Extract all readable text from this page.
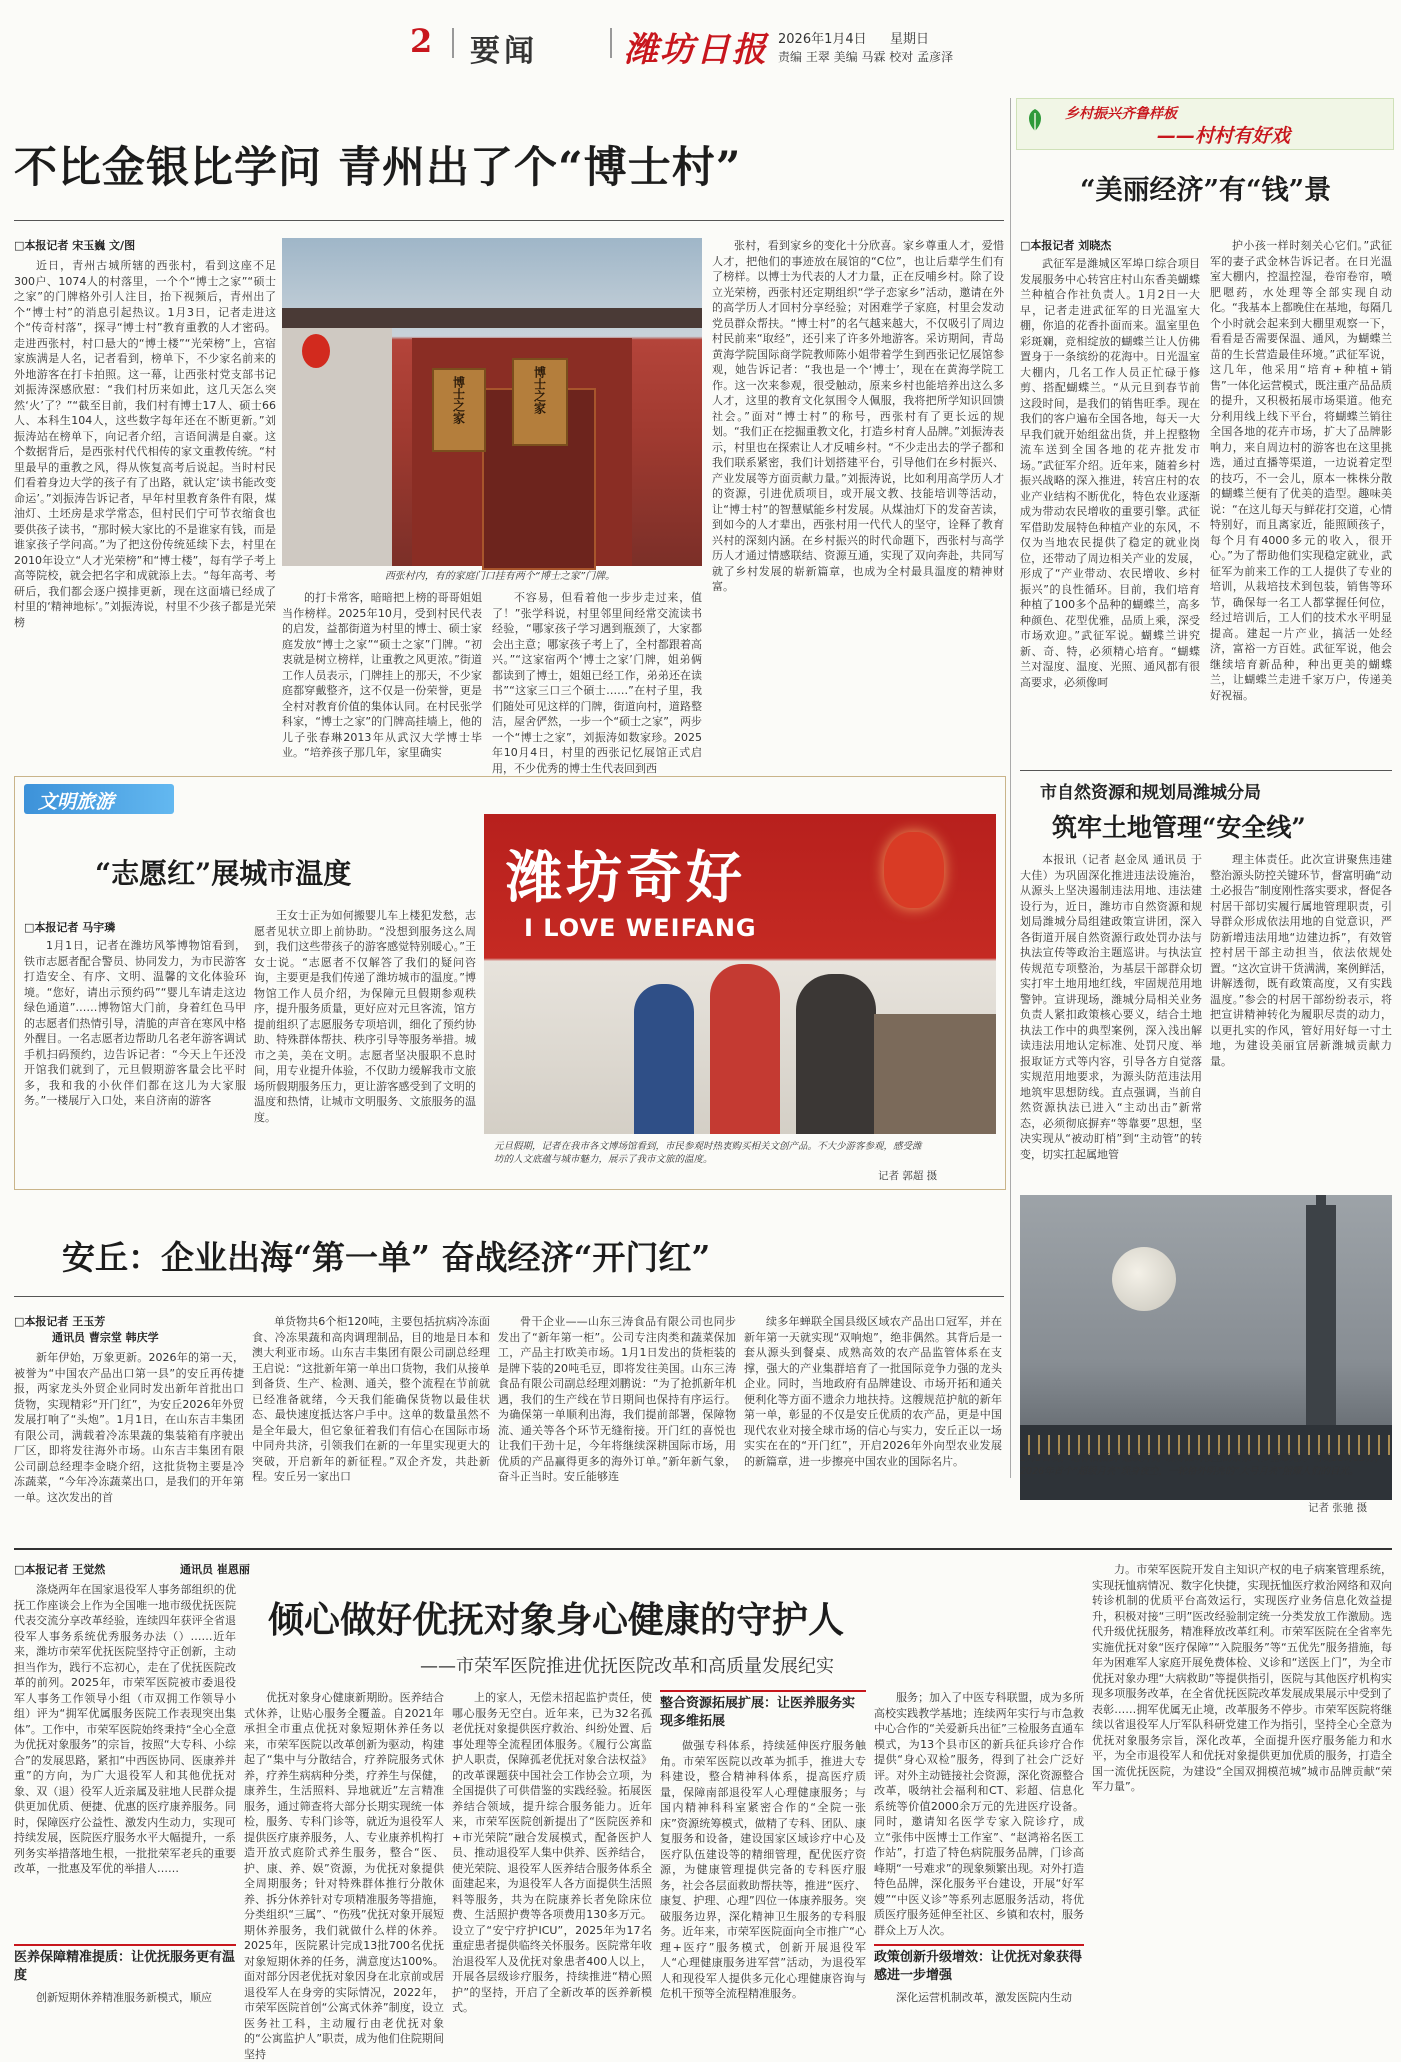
2 要闻	潍坊日报 2026年1月4日 星期日
责编 王翠 美编 马霖 校对 孟彦泽
不比金银比学问 青州出了个“博士村”
乡村振兴齐鲁样板
——村村有好戏
□本报记者 宋玉巍 文/图

近日，青州古城所辖的西张村，看到这座不足300户、1074人的村落里，一个个“博士之家”“硕士之家”的门牌格外引人注目，抬下视频后，青州出了个“博士村”的消息引起热议。1月3日，记者走进这个“传奇村落”，探寻“博士村”教育重教的人才密码。走进西张村，村口悬大的“博士楼”“光荣榜”上，宫宿家族满是人名，记者看到，榜单下，不少家名前来的外地游客在打卡拍照。这一幕，让西张村党支部书记刘振涛深感欣慰：“我们村历来如此，这几天怎么突然‘火’了？”“截至目前，我们村有博士17人、硕士66人、本科生104人，这些数字每年还在不断更新。”刘振涛站在榜单下，向记者介绍，言语间满是自豪。这个数据背后，是西张村代代相传的家文重教传统。“村里最早的重教之风，得从恢复高考后说起。当时村民们看着身边大学的孩子有了出路，就认定‘读书能改变命运’。”刘振涛告诉记者，早年村里教育条件有限，煤油灯、土坯房是求学常态，但村民们宁可节衣缩食也要供孩子读书，“那时候大家比的不是谁家有钱，而是谁家孩子学问高。”为了把这份传统延续下去，村里在2010年设立“人才光荣榜”和“博士楼”，每有学子考上高等院校，就会把名字和成就添上去。“每年高考、考研后，我们都会逐户摸排更新，现在这面墙已经成了村里的‘精神地标’。”刘振涛说，村里不少孩子都是光荣榜

博士之家	博士之家
西张村内，有的家庭门口挂有两个“博士之家”门牌。

的打卡常客，暗暗把上榜的哥哥姐姐当作榜样。2025年10月，受到村民代表的启发，益都街道为村里的博士、硕士家庭发放“博士之家”“硕士之家”门牌。“初衷就是树立榜样，让重教之风更浓。”街道工作人员表示，门牌挂上的那天，不少家庭都穿戴整齐，这不仅是一份荣誉，更是全村对教育价值的集体认同。在村民张学科家，“博士之家”的门牌高挂墙上，他的儿子张春琳2013年从武汉大学博士毕业。“培养孩子那几年，家里确实

不容易，但看着他一步步走过来，值了！”张学科说，村里邻里间经常交流读书经验，“哪家孩子学习遇到瓶颈了，大家都会出主意；哪家孩子考上了，全村都跟着高兴。”“这家宿两个‘博士之家’门牌，姐弟俩都读到了博士，姐姐已经工作，弟弟还在读书”“这家三口三个碩士……”在村子里，我们随处可见这样的门牌，街道向村，道路整洁，屋舍俨然，一步一个“硕士之家”，两步一个“博士之家”，刘振涛如数家珍。2025年10月4日，村里的西张记忆展馆正式启用，不少优秀的博士生代表回到西

张村，看到家乡的变化十分欣喜。家乡尊重人才，爱惜人才，把他们的事迹放在展馆的“C位”，也让后辈学生们有了榜样。以博士为代表的人才力量，正在反哺乡村。除了设立光荣榜，西张村还定期组织“学子恋家乡”活动，邀请在外的高学历人才回村分享经验；对困难学子家庭，村里会发动党员群众帮扶。“博士村”的名气越来越大，不仅吸引了周边村民前来“取经”，还引来了许多外地游客。采访期间，青岛黄海学院国际商学院教师陈小姐带着学生到西张记忆展馆参观，她告诉记者：“我也是一个‘博士’，现在在黄海学院工作。这一次来参观，很受触动，原来乡村也能培养出这么多人才，这里的教育文化氛围令人佩服，我将把所学知识回馈社会。”面对“博士村”的称号，西张村有了更长远的规划。“我们正在挖掘重教文化，打造乡村育人品牌。”刘振涛表示，村里也在探索让人才反哺乡村。“不少走出去的学子都和我们联系紧密，我们计划搭建平台，引导他们在乡村振兴、产业发展等方面贡献力量。”刘振涛说，比如利用高学历人才的资源，引进优质项目，或开展文教、技能培训等活动，让“博士村”的智慧赋能乡村发展。从煤油灯下的发奋苦读，到如今的人才辈出，西张村用一代代人的坚守，诠释了教育兴村的深刻内涵。在乡村振兴的时代命题下，西张村与高学历人才通过情感联结、资源互通，实现了双向奔赴，共同写就了乡村发展的崭新篇章，也成为全村最具温度的精神财富。

“美丽经济”有“钱”景
□本报记者 刘晓杰

武征军是潍城区军埠口综合项目发展服务中心转宫庄村山东香美蝴蝶兰种植合作社负责人。1月2日一大早，记者走进武征军的日光温室大棚，你追的花香扑面而来。温室里色彩斑斓，竞相绽放的蝴蝶兰让人仿佛置身于一条缤纷的花海中。日光温室大棚内，几名工作人员正忙碌于修剪、搭配蝴蝶兰。“从元旦到春节前这段时间，是我们的销售旺季。现在我们的客户遍布全国各地，每天一大早我们就开始组盆出货，并上捏整物流车送到全国各地的花卉批发市场。”武征军介绍。近年来，随着乡村振兴战略的深入推进，转宫庄村的农业产业结构不断优化，特色农业逐渐成为带动农民增收的重要引擎。武征军借助发展特色种植产业的东风，不仅为当地农民提供了稳定的就业岗位，还带动了周边相关产业的发展，形成了“产业带动、农民增收、乡村振兴”的良性循环。目前，我们培育种植了100多个品种的蝴蝶兰，高多种颜色、花型优雅，品质上乘，深受市场欢迎。”武征军说。蝴蝶兰讲究新、奇、特，必须精心培育。“蝴蝶兰对湿度、温度、光照、通风都有很高要求，必须像呵

护小孩一样时刻关心它们。”武征军的妻子武金林告诉记者。在日光温室大棚内，控温控湿，卷帘卷帘，喷肥嗯药，水处理等全部实现自动化。“我基本上都晚住在基地，每隔几个小时就会起来到大棚里观察一下，看看是否需要保温、通风，为蝴蝶兰苗的生长营造最佳环境。”武征军说，这几年，他采用“培育+种植+销售”一体化运营模式，既注重产品品质的提升，又积极拓展市场渠道。他充分利用线上线下平台，将蝴蝶兰销往全国各地的花卉市场，扩大了品牌影响力，来自周边村的游客也在这里挑选，通过直播等渠道，一边说着定型的技巧，不一会儿，原本一株株分散的蝴蝶兰便有了优美的造型。趣味美说：“在这儿每天与鲜花打交道，心情特别好，而且离家近，能照顾孩子，每个月有4000多元的收入，很开心。”为了帮助他们实现稳定就业，武征军为前来工作的工人提供了专业的培训，从栽培技术到包装，销售等环节，确保每一名工人都掌握任何位，经过培训后，工人们的技术水平明显提高。建起一片产业，搞活一处经济，富裕一方百姓。武征军说，他会继续培育新品种，种出更美的蝴蝶兰，让蝴蝶兰走进千家万户，传递美好祝福。

市自然资源和规划局潍城分局
筑牢土地管理“安全线”

本报讯（记者 赵金凤 通讯员 于大佳）为巩固深化推进违法设施治，从源头上坚决遏制违法用地、违法建设行为，近日，潍坊市自然资源和规划局潍城分局组建政策宣讲团，深入各街道开展自然资源行政处罚办法与执法宣传等政治主题巡讲。与执法宣传规范专项整治，为基层干部群众切实打牢土地用地红线，牢固规范用地警钟。宣讲现场，潍城分局相关业务负责人紧扣政策核心要义，结合土地执法工作中的典型案例，深入浅出解读违法用地认定标准、处罚尺度、举报取证方式等内容，引导各方自觉落实规范用地要求，为源头防范违法用地筑牢思想防线。直点强调，当前自然资源执法已进入“主动出击”新常态，必须彻底摒弃“等靠要”思想，坚决实现从“被动盯梢”到“主动管”的转变，切实扛起属地管

理主体责任。此次宣讲聚焦违建整治源头防控关键环节，督富明确“动土必报告”制度刚性落实要求，督促各村居干部切实履行属地管理职责，引导群众形成依法用地的自觉意识，严防新增违法用地“边建边拆”，有效管控村居干部主动担当，依法依规处置。“这次宣讲干货满满，案例鲜活，讲解透彻，既有政策高度，又有实践温度。”参会的村居干部纷纷表示，将把宣讲精神转化为履职尽责的动力，以更扎实的作风，管好用好每一寸土地，为建设美丽宜居新潍城贡献力量。

1月3日晚，记者拍摄到“超级月亮”现身潍坊夜空的景象（多重曝光）。当晚18时03分，2026年首个“超级月亮”现身夜空，一轮格外明亮的“大号月亮”照耀人们的目光。
记者 张驰 摄
文明旅游
“志愿红”展城市温度
□本报记者 马宇璘

1月1日，记者在潍坊风筝博物馆看到，铁市志愿者配合警员、协同发力，为市民游客打造安全、有序、文明、温馨的文化体验环境。“您好，请出示预约码”“婴儿车请走这边绿色通道”……博物馆大门前，身着红色马甲的志愿者们热情引导，清脆的声音在寒风中格外醒目。一名志愿者边帮助几名老年游客调试手机扫码预约，边告诉记者：“今天上午还没开馆我们就到了，元旦假期游客量会比平时多，我和我的小伙伴们都在这儿为大家服务。”一楼展厅入口处，来自济南的游客

王女士正为如何搬婴儿车上楼犯发愁，志愿者见状立即上前协助。“没想到服务这么周到，我们这些带孩子的游客感觉特别暖心。”王女士说。“志愿者不仅解答了我们的疑问咨询，主要更是我们传递了潍坊城市的温度。”博物馆工作人员介绍，为保障元旦假期参观秩序，提升服务质量，更好应对元旦客流，馆方提前组织了志愿服务专项培训，细化了预约协助、特殊群体帮扶、秩序引导等服务举措。城市之美，美在文明。志愿者坚决服职不息时间，用专业提升体验，不仅助力缓解我市文旅场所假期服务压力，更让游客感受到了文明的温度和热情，让城市文明服务、文旅服务的温度。

潍坊奇好
I LOVE WEIFANG
元旦假期，记者在我市各文博场馆看到，市民参观时热衷购买相关文创产品。不大少游客参观，感受潍坊的人文底蕴与城市魅力，展示了我市文旅的温度。
记者 郭超 摄
安丘：企业出海“第一单” 奋战经济“开门红”
□本报记者 王玉芳
通讯员 曹宗堂 韩庆学

新年伊始，万象更新。2026年的第一天，被誉为“中国农产品出口第一县”的安丘再传捷报，两家龙头外贸企业同时发出新年首批出口货物，实现精彩“开门红”，为安丘2026年外贸发展打响了“头炮”。1月1日，在山东吉丰集团有限公司，满载着冷冻果蔬的集装箱有序驶出厂区，即将发往海外市场。山东吉丰集团有限公司副总经理李金晓介绍，这批货物主要是冷冻蔬菜，“今年冷冻蔬菜出口，是我们的开年第一单。这次发出的首

单货物共6个柜120吨，主要包括抗病冷冻面食、冷冻果蔬和高肉调理制品，目的地是日本和澳大利亚市场。山东吉丰集团有限公司副总经理王启说：“这批新年第一单出口货物，我们从接单到备货、生产、检测、通关，整个流程在节前就已经准备就绪，今天我们能确保货物以最佳状态、最快速度抵达客户手中。这单的数量虽然不是全年最大，但它象征着我们有信心在国际市场中同舟共济，引领我们在新的一年里实现更大的突破，开启新年的新征程。”双企齐发，共赴新程。安丘另一家出口

骨干企业——山东三涛食品有限公司也同步发出了“新年第一柜”。公司专注肉类和蔬菜保加工，产品主打欧美市场。1月1日发出的货柜装的是牌下装的20吨毛豆，即将发往美国。山东三涛食品有限公司副总经理刘鹏说：“为了抢抓新年机遇，我们的生产线在节日期间也保持有序运行。为确保第一单顺利出海，我们提前部署，保障物流、通关等各个环节无缝衔接。开门红的喜悦也让我们干劲十足，今年将继续深耕国际市场，用优质的产品赢得更多的海外订单。”新年新气象，奋斗正当时。安丘能够连

续多年蝉联全国县级区域农产品出口冠军，并在新年第一天就实现“双响炮”，绝非偶然。其背后是一套从源头到餐桌、成熟高效的农产品监管体系在支撑，强大的产业集群培育了一批国际竞争力强的龙头企业。同时，当地政府有品牌建设、市场开拓和通关便利化等方面不遗余力地扶持。这艘规范护航的新年第一单，彰显的不仅是安丘优质的农产品，更是中国现代农业对接全球市场的信心与实力，安丘正以一场实实在在的“开门红”，开启2026年外向型农业发展的新篇章，进一步擦亮中国农业的国际名片。

□本报记者 王觉然	通讯员 崔恩丽

涤烧两年在国家退役军人事务部组织的优抚工作座谈会上作为全国唯一地市级优抚医院代表交流分享改革经验，连续四年获评全省退役军人事务系统优秀服务办法（）……近年来，潍坊市荣军优抚医院坚持守正创新，主动担当作为，践行不忘初心，走在了优抚医院改革的前列。2025年，市荣军医院被市委退役军人事务工作领导小组（市双拥工作领导小组）评为“拥军优属服务医院工作表现突出集体”。工作中，市荣军医院始终秉持“全心全意为优抚对象服务”的宗旨，按照“大专科、小综合”的发展思路，紧扣“中西医协同、医康养并重”的方向，为广大退役军人和其他优抚对象、双（退）役军人近亲属及驻地人民群众提供更加优质、便捷、优惠的医疗康养服务。同时，保障医疗公益性、激发内生动力，实现可持续发展，医院医疗服务水平大幅提升，一系列务实举措落地生根，一批批荣军老兵的重要改革，一批惠及军优的举措人……

医养保障精准提质：让优抚服务更有温度

创新短期休养精准服务新模式，顺应

倾心做好优抚对象身心健康的守护人
——市荣军医院推进优抚医院改革和高质量发展纪实

优抚对象身心健康新期盼。医养结合式休养，让贴心服务全覆盖。自2021年承担全市重点优抚对象短期休养任务以来，市荣军医院以改革创新为驱动，构建起了“集中与分散结合，疗养院服务式休养，疗养生病病种分类，疗养生与保健，康养生，生活照料、异地就近”左言精准服务，通过筛查将大部分长期实现统一体检，服务、专科门诊等，就近为退役军人提供医疗康养服务，人、专业康养机构打造开放式庭阶式养生服务，整合“医、护、康、养、娱”资源，为优抚对象提供全周期服务；针对特殊群体推行分散休养、拆分休养针对专项精准服务等措施，分类组织“三属”、“伤残”优抚对象开展短期休养服务，我们就做什么样的休养。2025年，医院累计完成13批700名优抚对象短期休养的任务，满意度达100%。面对部分因老优抚对象因身在北京前或居退役军人在身旁的实际情况，2022年，市荣军医院首创“公寓式休养”制度，设立医务社工科，主动履行由老优抚对象的“公寓监护人”职责，成为他们住院期间坚持

上的家人，无偿未招起监护责任，使哪心服务无空白。近年来，已为32名孤老优抚对象提供医疗救治、纠纷处置、后事处理等全流程团体服务。《履行公寓监护人职责，保障孤老优抚对象合法权益》的改革课题获中国社会工作协会立项，为全国提供了可供借鉴的实践经验。拓展医养结合领域，提升综合服务能力。近年来，市荣军医院创新提出了“医院医养和+市光荣院”融合发展模式，配备医护人员、推动退役军人集中供养、医养结合，使光荣院、退役军人医养结合服务体系全面建起来，为退役军人各方面提供生活照料等服务，共为在院康养长者免除床位费、生活照护费等各项费用130多万元。设立了“安宁疗护ICU”，2025年为17名重症患者提供临终关怀服务。医院常年收治退役军人及优抚对象患者400人以上，开展各层级诊疗服务，持续推进“精心照护”的坚持，开启了全新改革的医养新模式。

整合资源拓展扩展：让医养服务实现多维拓展

做强专科体系，持续延伸医疗服务触角。市荣军医院以改革为抓手，推进大专科建设，整合精神科体系，提高医疗质量，保障南部退役军人心理健康服务；与国内精神科科室紧密合作的“全院一张床”资源统筹模式，做精了专科、团队、康复服务和设备，建设国家区域诊疗中心及医疗队伍建设等的精细管理，配优医疗资源，为健康管理提供完备的专科医疗服务，社会各层面救助帮扶等，推进“医疗、康复、护理、心理”四位一体康养服务。突破服务边界，深化精神卫生服务的专科服务。近年来，市荣军医院面向全市推广“心理+医疗”服务模式，创新开展退役军人“心理健康服务进军营”活动，为退役军人和现役军人提供多元化心理健康咨询与危机干预等全流程精准服务。

服务；加入了中医专科联盟，成为多所高校实践教学基地；连续两年实行与市急救中心合作的“关爱新兵出征”三检服务直通车模式，为13个县市区的新兵征兵诊疗合作提供“身心双检”服务，得到了社会广泛好评。对外主动链接社会资源，深化资源整合改革，吸纳社会福利和CT、彩超、信息化系统等价值2000余万元的先进医疗设备。同时，邀请知名医学专家入院诊疗，成立“张伟中医博士工作室”、“赵鸿裕名医工作站”，打造了特色病院服务品牌，门诊高峰期“一号难求”的现象频繁出现。对外打造特色品牌，深化服务平台建设，开展“好军嫂”“中医义诊”等系列志愿服务活动，将优质医疗服务延伸至社区、乡镇和农村，服务群众上万人次。

政策创新升级增效：让优抚对象获得感进一步增强

深化运营机制改革，激发医院内生动

力。市荣军医院开发自主知识产权的电子病案管理系统，实现抚恤病情况、数字化快捷，实现抚恤医疗救治网络和双向转诊机制的优质平台高效运行，实现医疗业务信息化效益提升，积极对接“三明”医改经验制定统一分类发放工作激励。选代升级优抚服务，精准释放改革红利。市荣军医院在全省率先实施优抚对象“医疗保障”“入院服务”等“五优先”服务措施，每年为困难军人家庭开展免费体检、义诊和“送医上门”，为全市优抚对象办理“大病救助”等提供指引，医院与其他医疗机构实现多项服务改革，在全省优抚医院改革发展成果展示中受到了表彰……拥军优属无止境，改革服务不停步。市荣军医院将继续以省退役军人厅军队科研党建工作为指引，坚持全心全意为优抚对象服务宗旨，深化改革，全面提升医疗服务能力和水平，为全市退役军人和优抚对象提供更加优质的服务，打造全国一流优抚医院，为建设“全国双拥模范城”城市品牌贡献“荣军力量”。
